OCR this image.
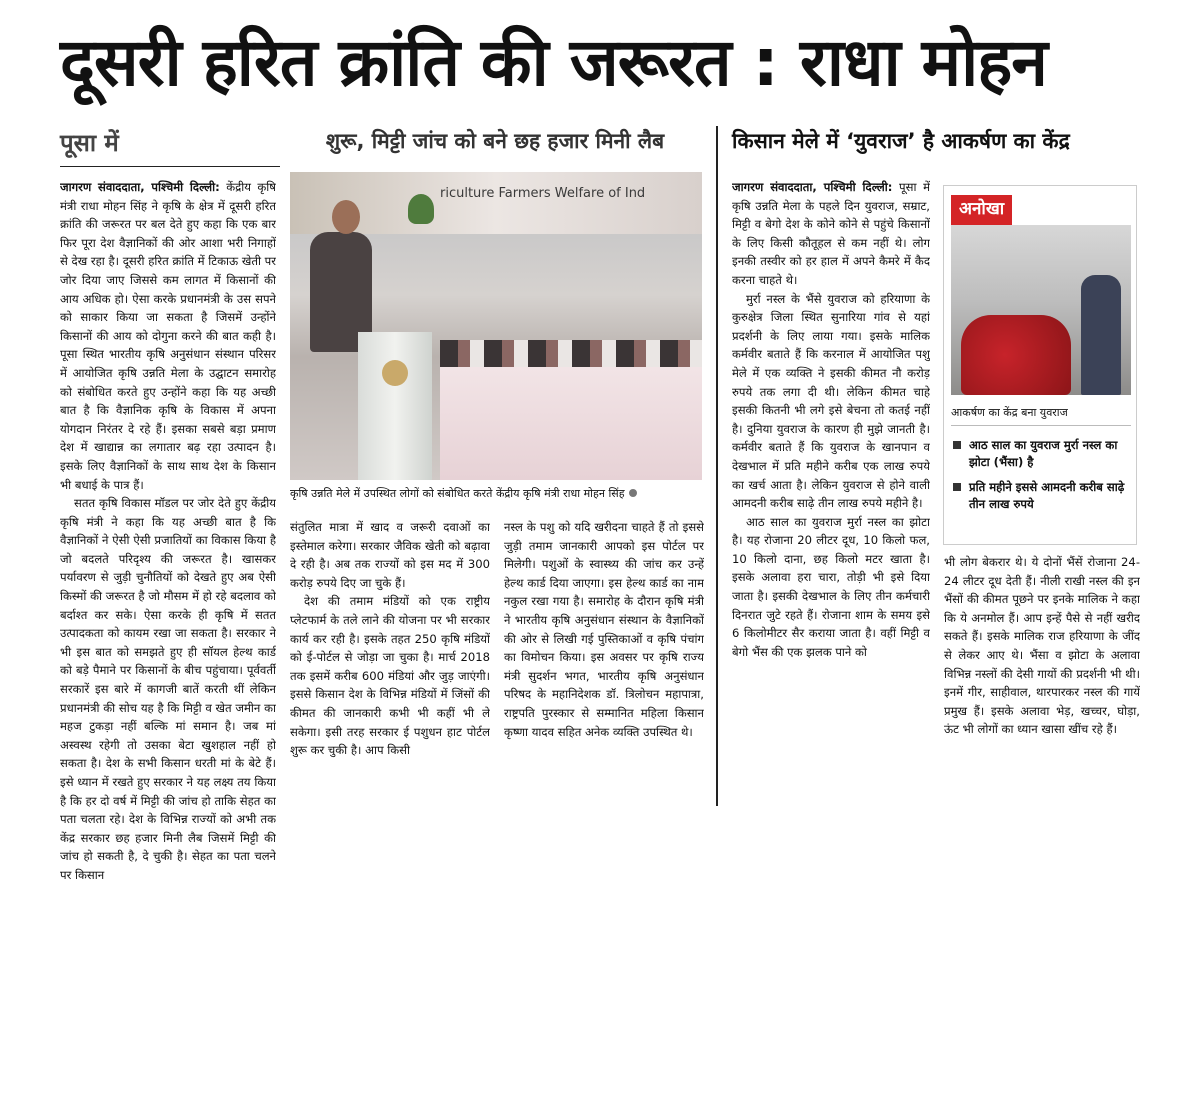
दूसरी हरित क्रांति की जरूरत : राधा मोहन
पूसा में	शुरू, मिट्टी जांच को बने छह हजार मिनी लैब	किसान मेले में ‘युवराज’ है आकर्षण का केंद्र

जागरण संवाददाता, पश्चिमी दिल्ली: केंद्रीय कृषि मंत्री राधा मोहन सिंह ने कृषि के क्षेत्र में दूसरी हरित क्रांति की जरूरत पर बल देते हुए कहा कि एक बार फिर पूरा देश वैज्ञानिकों की ओर आशा भरी निगाहों से देख रहा है। दूसरी हरित क्रांति में टिकाऊ खेती पर जोर दिया जाए जिससे कम लागत में किसानों की आय अधिक हो। ऐसा करके प्रधानमंत्री के उस सपने को साकार किया जा सकता है जिसमें उन्होंने किसानों की आय को दोगुना करने की बात कही है। पूसा स्थित भारतीय कृषि अनुसंधान संस्थान परिसर में आयोजित कृषि उन्नति मेला के उद्घाटन समारोह को संबोधित करते हुए उन्होंने कहा कि यह अच्छी बात है कि वैज्ञानिक कृषि के विकास में अपना योगदान निरंतर दे रहे हैं। इसका सबसे बड़ा प्रमाण देश में खाद्यान्न का लगातार बढ़ रहा उत्पादन है। इसके लिए वैज्ञानिकों के साथ साथ देश के किसान भी बधाई के पात्र हैं।

सतत कृषि विकास मॉडल पर जोर देते हुए केंद्रीय कृषि मंत्री ने कहा कि यह अच्छी बात है कि वैज्ञानिकों ने ऐसी ऐसी प्रजातियों का विकास किया है जो बदलते परिदृश्य की जरूरत है। खासकर पर्यावरण से जुड़ी चुनौतियों को देखते हुए अब ऐसी किस्मों की जरूरत है जो मौसम में हो रहे बदलाव को बर्दाश्त कर सके। ऐसा करके ही कृषि में सतत उत्पादकता को कायम रखा जा सकता है। सरकार ने भी इस बात को समझते हुए ही सॉयल हेल्थ कार्ड को बड़े पैमाने पर किसानों के बीच पहुंचाया। पूर्ववर्ती सरकारें इस बारे में कागजी बातें करती थीं लेकिन प्रधानमंत्री की सोच यह है कि मिट्टी व खेत जमीन का महज टुकड़ा नहीं बल्कि मां समान है। जब मां अस्वस्थ रहेगी तो उसका बेटा खुशहाल नहीं हो सकता है। देश के सभी किसान धरती मां के बेटे हैं। इसे ध्यान में रखते हुए सरकार ने यह लक्ष्य तय किया है कि हर दो वर्ष में मिट्टी की जांच हो ताकि सेहत का पता चलता रहे। देश के विभिन्न राज्यों को अभी तक केंद्र सरकार छह हजार मिनी लैब जिसमें मिट्टी की जांच हो सकती है, दे चुकी है। सेहत का पता चलने पर किसान

riculture Farmers Welfare of Ind
कृषि उन्नति मेले में उपस्थित लोगों को संबोधित करते केंद्रीय कृषि मंत्री राधा मोहन सिंह

संतुलित मात्रा में खाद व जरूरी दवाओं का इस्तेमाल करेगा। सरकार जैविक खेती को बढ़ावा दे रही है। अब तक राज्यों को इस मद में 300 करोड़ रुपये दिए जा चुके हैं।

देश की तमाम मंडियों को एक राष्ट्रीय प्लेटफार्म के तले लाने की योजना पर भी सरकार कार्य कर रही है। इसके तहत 250 कृषि मंडियों को ई-पोर्टल से जोड़ा जा चुका है। मार्च 2018 तक इसमें करीब 600 मंडियां और जुड़ जाएंगी। इससे किसान देश के विभिन्न मंडियों में जिंसों की कीमत की जानकारी कभी भी कहीं भी ले सकेगा। इसी तरह सरकार ई पशुधन हाट पोर्टल शुरू कर चुकी है। आप किसी

नस्ल के पशु को यदि खरीदना चाहते हैं तो इससे जुड़ी तमाम जानकारी आपको इस पोर्टल पर मिलेगी। पशुओं के स्वास्थ्य की जांच कर उन्हें हेल्थ कार्ड दिया जाएगा। इस हेल्थ कार्ड का नाम नकुल रखा गया है। समारोह के दौरान कृषि मंत्री ने भारतीय कृषि अनुसंधान संस्थान के वैज्ञानिकों की ओर से लिखी गई पुस्तिकाओं व कृषि पंचांग का विमोचन किया। इस अवसर पर कृषि राज्य मंत्री सुदर्शन भगत, भारतीय कृषि अनुसंधान परिषद के महानिदेशक डॉ. त्रिलोचन महापात्रा, राष्ट्रपति पुरस्कार से सम्मानित महिला किसान कृष्णा यादव सहित अनेक व्यक्ति उपस्थित थे।

जागरण संवाददाता, पश्चिमी दिल्ली: पूसा में कृषि उन्नति मेला के पहले दिन युवराज, सम्राट, मिट्टी व बेगो देश के कोने कोने से पहुंचे किसानों के लिए किसी कौतूहल से कम नहीं थे। लोग इनकी तस्वीर को हर हाल में अपने कैमरे में कैद करना चाहते थे।

मुर्रा नस्ल के भैंसे युवराज को हरियाणा के कुरुक्षेत्र जिला स्थित सुनारिया गांव से यहां प्रदर्शनी के लिए लाया गया। इसके मालिक कर्मवीर बताते हैं कि करनाल में आयोजित पशु मेले में एक व्यक्ति ने इसकी कीमत नौ करोड़ रुपये तक लगा दी थी। लेकिन कीमत चाहे इसकी कितनी भी लगे इसे बेचना तो कतई नहीं है। दुनिया युवराज के कारण ही मुझे जानती है। कर्मवीर बताते हैं कि युवराज के खानपान व देखभाल में प्रति महीने करीब एक लाख रुपये का खर्च आता है। लेकिन युवराज से होने वाली आमदनी करीब साढ़े तीन लाख रुपये महीने है।

आठ साल का युवराज मुर्रा नस्ल का झोटा है। यह रोजाना 20 लीटर दूध, 10 किलो फल, 10 किलो दाना, छह किलो मटर खाता है। इसके अलावा हरा चारा, तोड़ी भी इसे दिया जाता है। इसकी देखभाल के लिए तीन कर्मचारी दिनरात जुटे रहते हैं। रोजाना शाम के समय इसे 6 किलोमीटर सैर कराया जाता है। वहीं मिट्टी व बेगो भैंस की एक झलक पाने को

भी लोग बेकरार थे। ये दोनों भैंसें रोजाना 24-24 लीटर दूध देती हैं। नीली राखी नस्ल की इन भैंसों की कीमत पूछने पर इनके मालिक ने कहा कि ये अनमोल हैं। आप इन्हें पैसे से नहीं खरीद सकते हैं। इसके मालिक राज हरियाणा के जींद से लेकर आए थे। भैंसा व झोटा के अलावा विभिन्न नस्लों की देसी गायों की प्रदर्शनी भी थी। इनमें गीर, साहीवाल, थारपारकर नस्ल की गायें प्रमुख हैं। इसके अलावा भेड़, खच्चर, घोड़ा, ऊंट भी लोगों का ध्यान खासा खींच रहे हैं।

अनोखा
आकर्षण का केंद्र बना युवराज
आठ साल का युवराज मुर्रा नस्ल का झोटा (भैंसा) है
प्रति महीने इससे आमदनी करीब साढ़े तीन लाख रुपये
